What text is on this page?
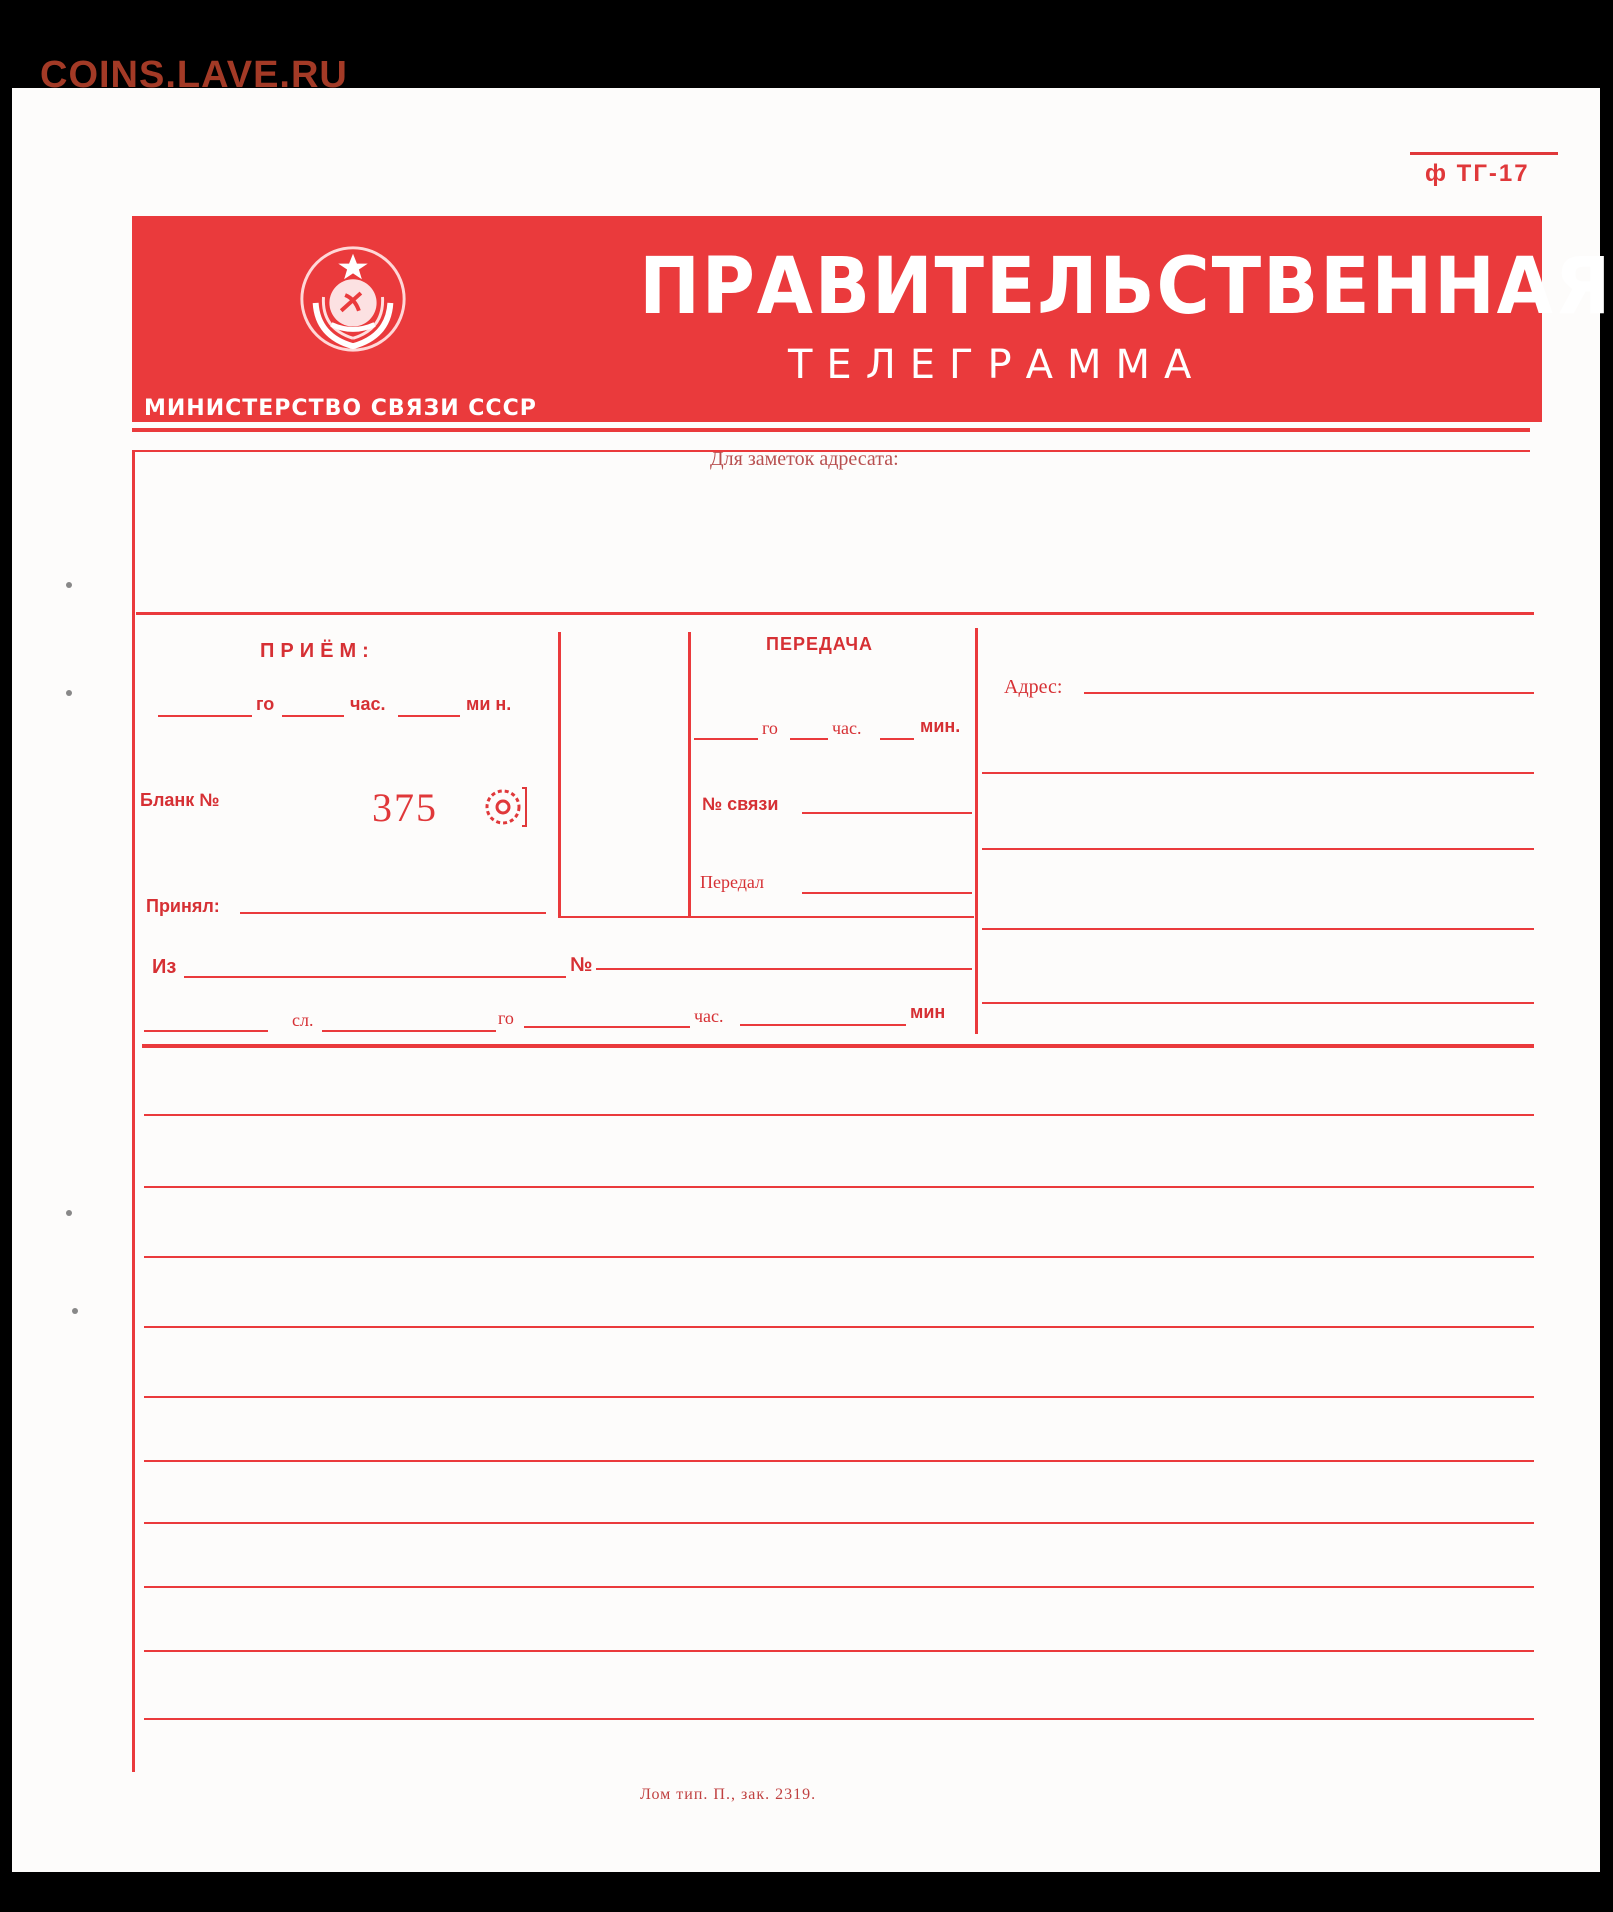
COINS.LAVE.RU
ф ТГ-17
ПРАВИТЕЛЬСТВЕННАЯ
ТЕЛЕГРАММА
МИНИСТЕРСТВО СВЯЗИ СССР
Для заметок адресата:
ПРИЁМ:
го	час.	ми н.
Бланк №	375
Принял:
ПЕРЕДАЧА
го	час.	мин.
№ связи
Передал
Адрес:
Из	№
сл.	го	час.	мин
Лом тип. П., зак. 2319.
